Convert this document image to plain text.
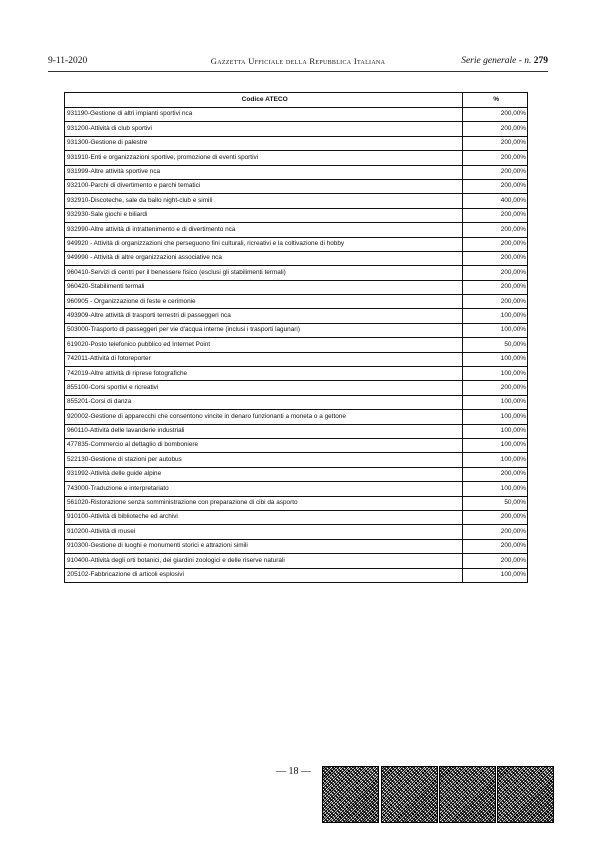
9-11-2020	Gazzetta Ufficiale della Repubblica Italiana	Serie generale - n. 279
Codice ATECO	%
931190-Gestione di altri impianti sportivi nca	200,00%
931200-Attività di club sportivi	200,00%
931300-Gestione di palestre	200,00%
931910-Enti e organizzazioni sportive, promozione di eventi sportivi	200,00%
931999-Altre attività sportive nca	200,00%
932100-Parchi di divertimento e parchi tematici	200,00%
932910-Discoteche, sale da ballo night-club e simili	400,00%
932930-Sale giochi e biliardi	200,00%
932990-Altre attività di intrattenimento e di divertimento nca	200,00%
949920 - Attività di organizzazioni che perseguono fini culturali, ricreativi e la coltivazione di hobby	200,00%
949990 - Attività di altre organizzazioni associative nca	200,00%
960410-Servizi di centri per il benessere fisico (esclusi gli stabilimenti termali)	200,00%
960420-Stabilimenti termali	200,00%
960905 - Organizzazione di feste e cerimonie	200,00%
493909-Altre attività di trasporti terrestri di passeggeri nca	100,00%
503000-Trasporto di passeggeri per vie d'acqua interne (inclusi i trasporti lagunari)	100,00%
619020-Posto telefonico pubblico ed Internet Point	50,00%
742011-Attività di fotoreporter	100,00%
742019-Altre attività di riprese fotografiche	100,00%
855100-Corsi sportivi e ricreativi	200,00%
855201-Corsi di danza	100,00%
920002-Gestione di apparecchi che consentono vincite in denaro funzionanti a moneta o a gettone	100,00%
960110-Attività delle lavanderie industriali	100,00%
477835-Commercio al dettaglio di bomboniere	100,00%
522130-Gestione di stazioni per autobus	100,00%
931992-Attività delle guide alpine	200,00%
743000-Traduzione e interpretariato	100,00%
561020-Ristorazione senza somministrazione con preparazione di cibi da asporto	50,00%
910100-Attività di biblioteche ed archivi	200,00%
910200-Attività di musei	200,00%
910300-Gestione di luoghi e monumenti storici e attrazioni simili	200,00%
910400-Attività degli orti botanici, dei giardini zoologici e delle riserve naturali	200,00%
205102-Fabbricazione di articoli esplosivi	100,00%
— 18 —
